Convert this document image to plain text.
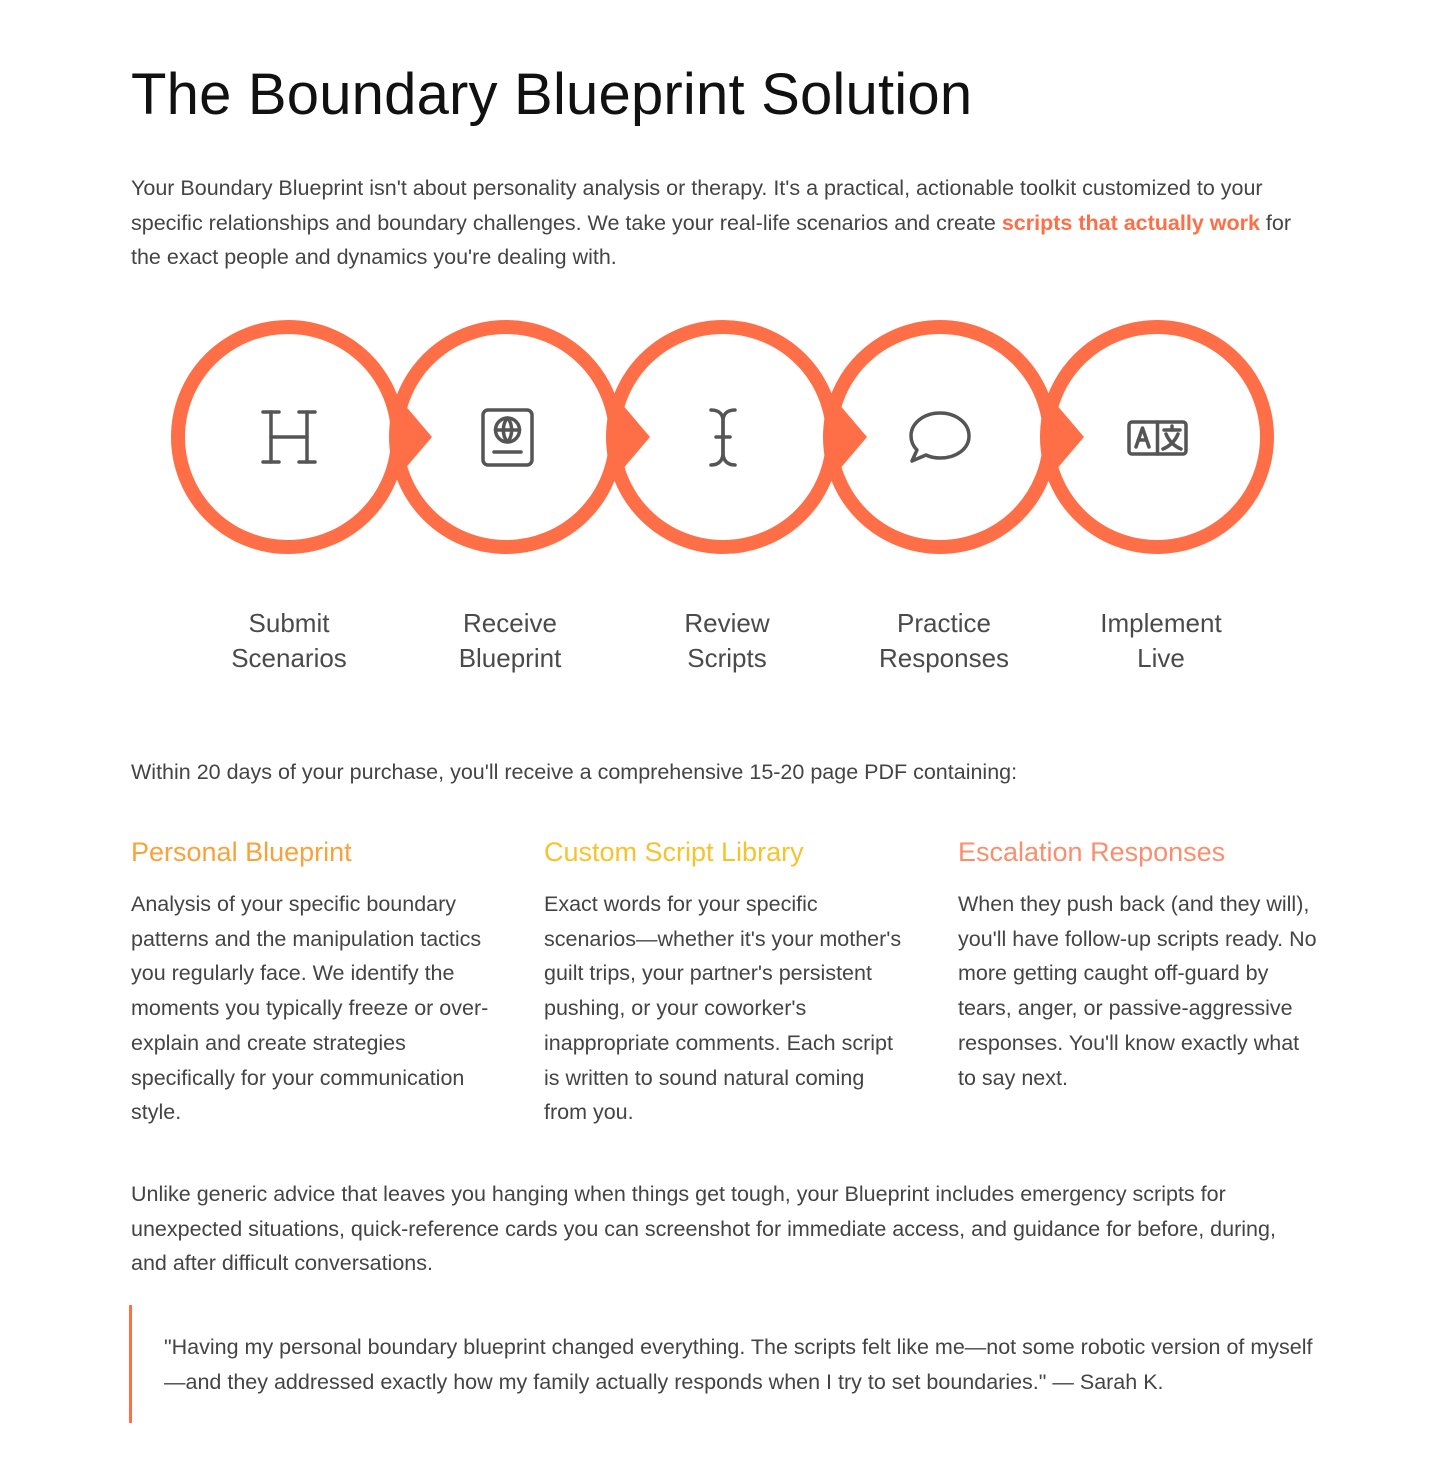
The Boundary Blueprint Solution

Your Boundary Blueprint isn't about personality analysis or therapy. It's a practical, actionable toolkit customized to your specific relationships and boundary challenges. We take your real-life scenarios and create scripts that actually work for the exact people and dynamics you're dealing with.

Submit
Scenarios

Receive
Blueprint

Review
Scripts

Practice
Responses

Implement
Live

Within 20 days of your purchase, you'll receive a comprehensive 15-20 page PDF containing:

Personal Blueprint

Analysis of your specific boundary patterns and the manipulation tactics you regularly face. We identify the moments you typically freeze or over-explain and create strategies specifically for your communication style.

Custom Script Library

Exact words for your specific scenarios—whether it's your mother's guilt trips, your partner's persistent pushing, or your coworker's inappropriate comments. Each script is written to sound natural coming from you.

Escalation Responses

When they push back (and they will), you'll have follow-up scripts ready. No more getting caught off-guard by tears, anger, or passive-aggressive responses. You'll know exactly what to say next.

Unlike generic advice that leaves you hanging when things get tough, your Blueprint includes emergency scripts for unexpected situations, quick-reference cards you can screenshot for immediate access, and guidance for before, during, and after difficult conversations.

"Having my personal boundary blueprint changed everything. The scripts felt like me—not some robotic version of myself—and they addressed exactly how my family actually responds when I try to set boundaries." — Sarah K.
